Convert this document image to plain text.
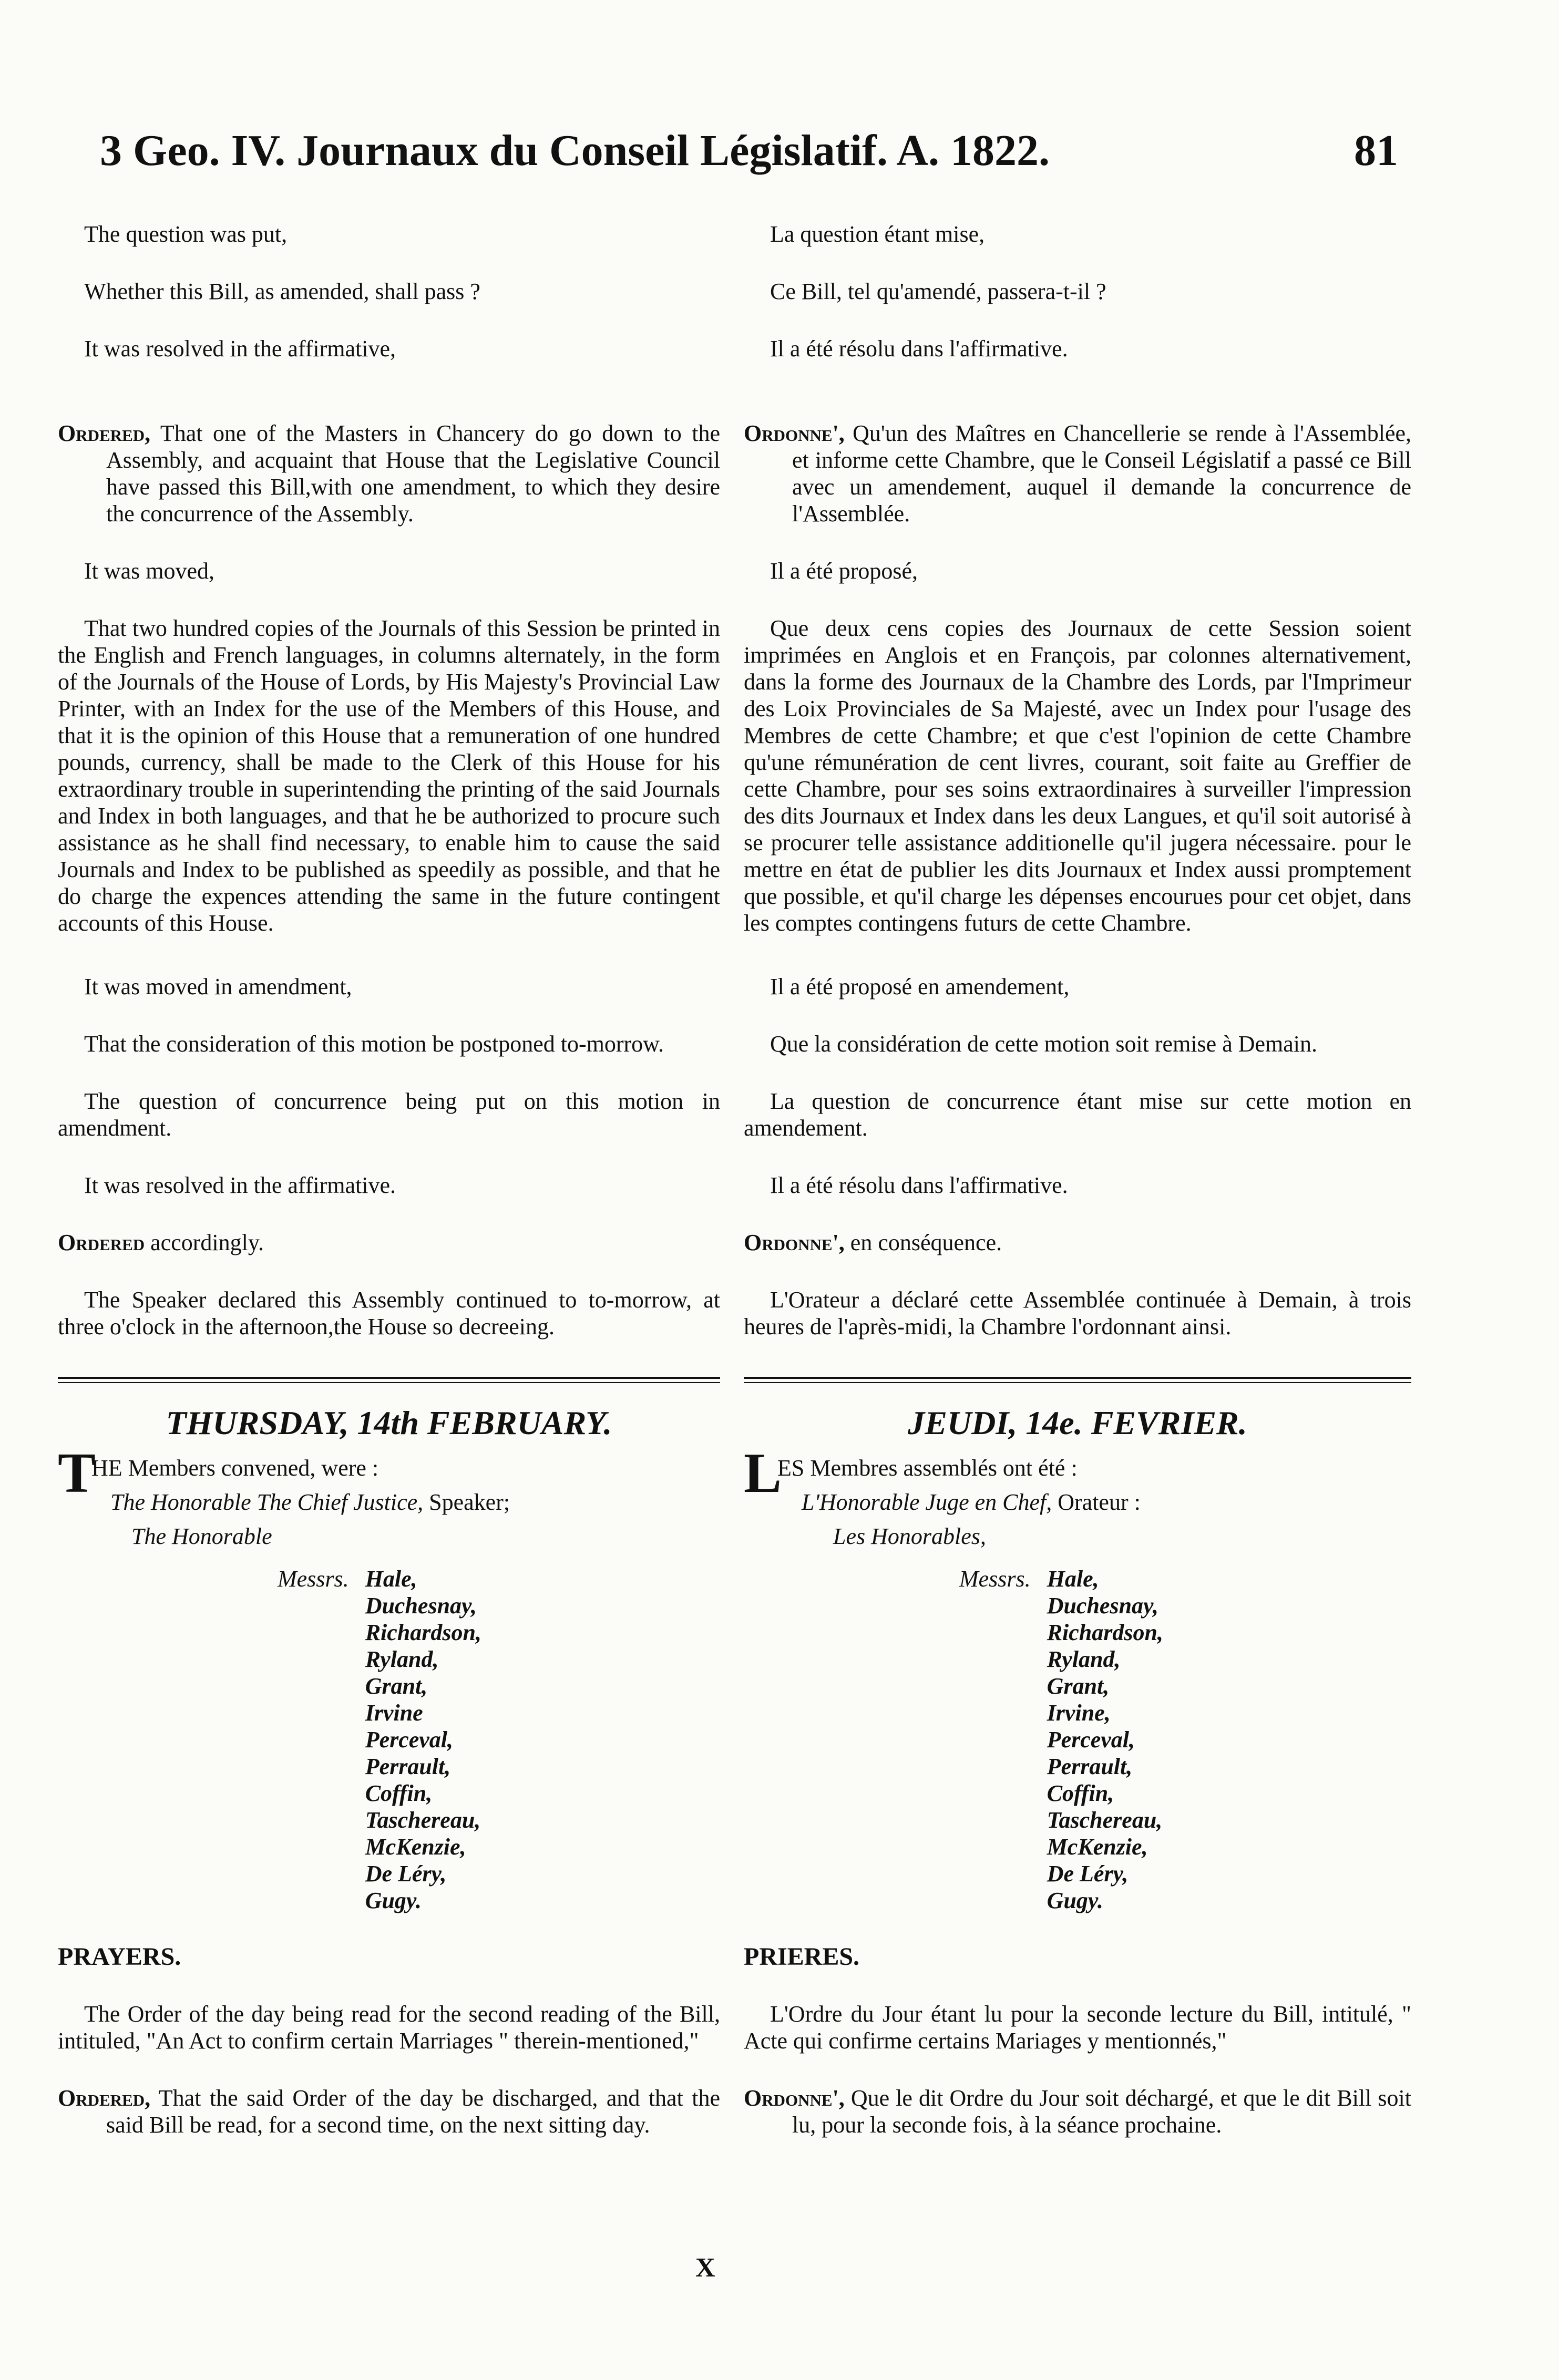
3 Geo. IV. Journaux du Conseil Législatif. A. 1822.	81

The question was put,

Whether this Bill, as amended, shall pass ?

It was resolved in the affirmative,

Ordered, That one of the Masters in Chancery do go down to the Assembly, and acquaint that House that the Legislative Council have passed this Bill,with one amendment, to which they desire the concurrence of the Assembly.

It was moved,

That two hundred copies of the Journals of this Session be printed in the English and French languages, in columns alternately, in the form of the Journals of the House of Lords, by His Majesty's Provincial Law Printer, with an Index for the use of the Members of this House, and that it is the opinion of this House that a remuneration of one hundred pounds, currency, shall be made to the Clerk of this House for his extraordinary trouble in superintending the printing of the said Journals and Index in both languages, and that he be authorized to procure such assistance as he shall find necessary, to enable him to cause the said Journals and Index to be published as speedily as possible, and that he do charge the expences attending the same in the future contingent accounts of this House.

It was moved in amendment,

That the consideration of this motion be postponed to-morrow.

The question of concurrence being put on this motion in amendment.

It was resolved in the affirmative.

Ordered accordingly.

The Speaker declared this Assembly continued to to-morrow, at three o'clock in the afternoon,the House so decreeing.

THURSDAY, 14th FEBRUARY.

T
HE Members convened, were :

The Honorable The Chief Justice, Speaker;

The Honorable

Messrs. Hale,
Duchesnay,
Richardson,
Ryland,
Grant,
Irvine
Perceval,
Perrault,
Coffin,
Taschereau,
McKenzie,
De Léry,
Gugy.

PRAYERS.

The Order of the day being read for the second reading of the Bill, intituled, "An Act to confirm certain Marriages " therein-mentioned,"

Ordered, That the said Order of the day be discharged, and that the said Bill be read, for a second time, on the next sitting day.

La question étant mise,

Ce Bill, tel qu'amendé, passera-t-il ?

Il a été résolu dans l'affirmative.

Ordonne', Qu'un des Maîtres en Chancellerie se rende à l'Assemblée, et informe cette Chambre, que le Conseil Législatif a passé ce Bill avec un amendement, auquel il demande la concurrence de l'Assemblée.

Il a été proposé,

Que deux cens copies des Journaux de cette Session soient imprimées en Anglois et en François, par colonnes alternativement, dans la forme des Journaux de la Chambre des Lords, par l'Imprimeur des Loix Provinciales de Sa Majesté, avec un Index pour l'usage des Membres de cette Chambre; et que c'est l'opinion de cette Chambre qu'une rémunération de cent livres, courant, soit faite au Greffier de cette Chambre, pour ses soins extraordinaires à surveiller l'impression des dits Journaux et Index dans les deux Langues, et qu'il soit autorisé à se procurer telle assistance additionelle qu'il jugera nécessaire. pour le mettre en état de publier les dits Journaux et Index aussi promptement que possible, et qu'il charge les dépenses encourues pour cet objet, dans les comptes contingens futurs de cette Chambre.

Il a été proposé en amendement,

Que la considération de cette motion soit remise à Demain.

La question de concurrence étant mise sur cette motion en amendement.

Il a été résolu dans l'affirmative.

Ordonne', en conséquence.

L'Orateur a déclaré cette Assemblée continuée à Demain, à trois heures de l'après-midi, la Chambre l'ordonnant ainsi.

JEUDI, 14e. FEVRIER.

L
ES Membres assemblés ont été :

L'Honorable Juge en Chef, Orateur :

Les Honorables,

Messrs. Hale,
Duchesnay,
Richardson,
Ryland,
Grant,
Irvine,
Perceval,
Perrault,
Coffin,
Taschereau,
McKenzie,
De Léry,
Gugy.

PRIERES.

L'Ordre du Jour étant lu pour la seconde lecture du Bill, intitulé, " Acte qui confirme certains Mariages y mentionnés,"

Ordonne', Que le dit Ordre du Jour soit déchargé, et que le dit Bill soit lu, pour la seconde fois, à la séance prochaine.

X
